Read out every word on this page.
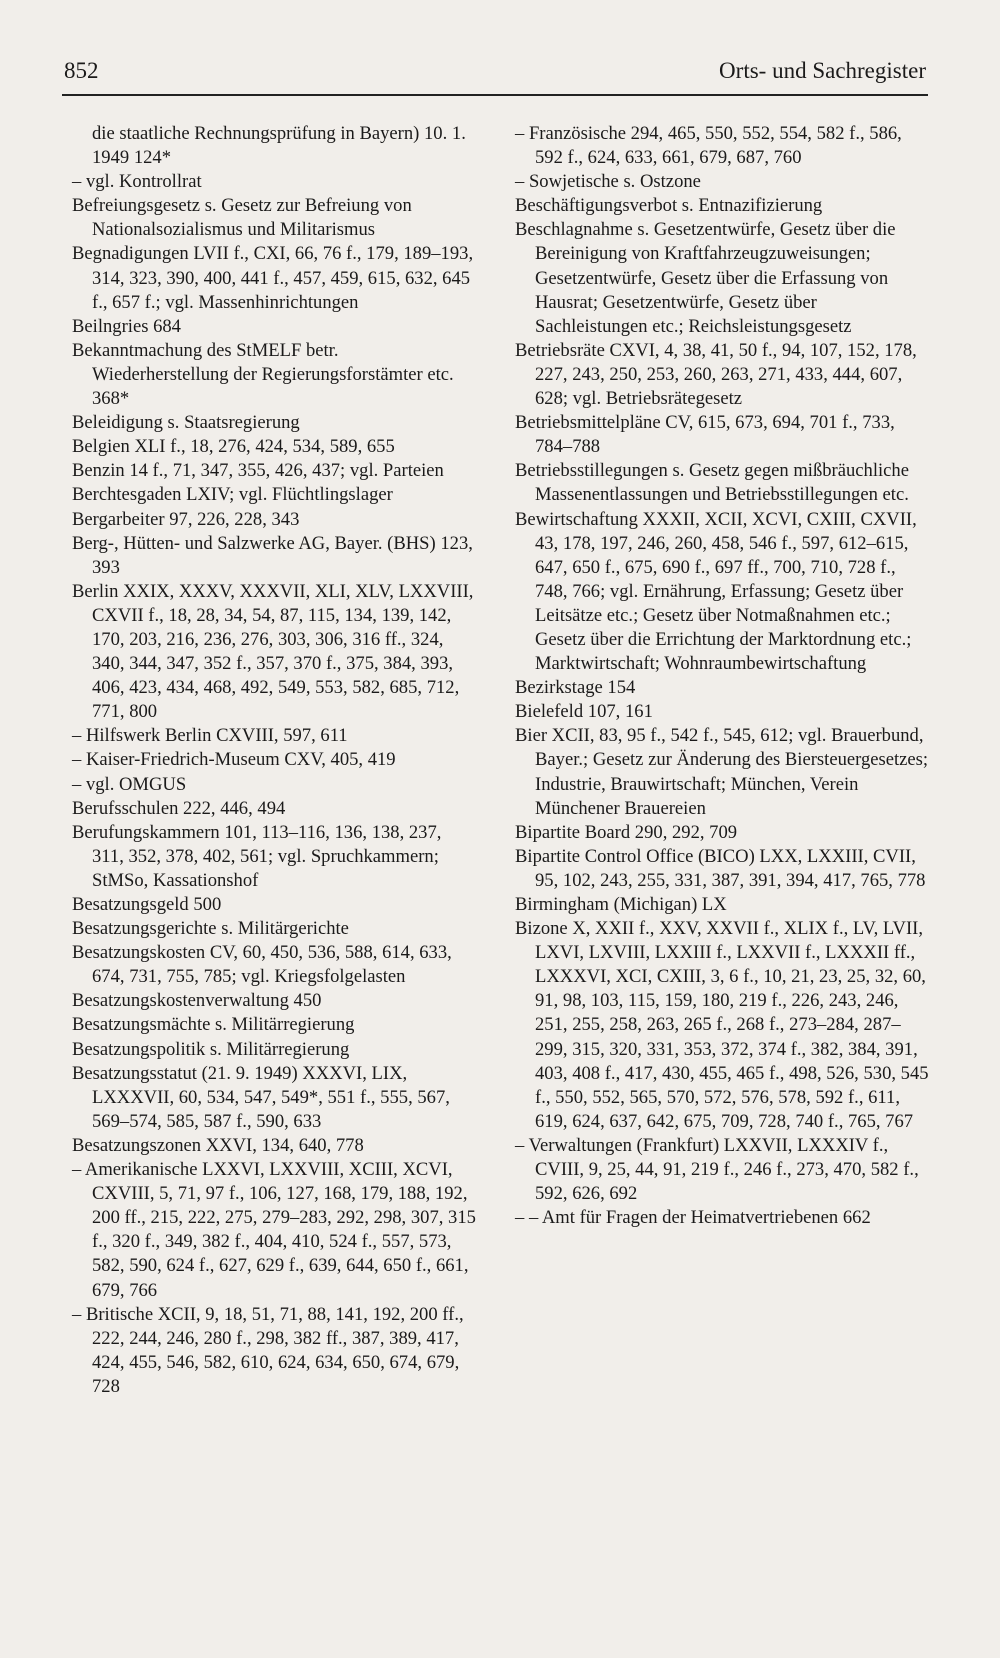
852	Orts- und Sachregister

die staatliche Rechnungsprüfung in Bayern) 10. 1. 1949 124*

– vgl. Kontrollrat

Befreiungsgesetz s. Gesetz zur Befreiung von Nationalsozialismus und Militarismus

Begnadigungen LVII f., CXI, 66, 76 f., 179, 189–193, 314, 323, 390, 400, 441 f., 457, 459, 615, 632, 645 f., 657 f.; vgl. Massenhinrichtungen

Beilngries 684

Bekanntmachung des StMELF betr. Wiederherstellung der Regierungsforstämter etc. 368*

Beleidigung s. Staatsregierung

Belgien XLI f., 18, 276, 424, 534, 589, 655

Benzin 14 f., 71, 347, 355, 426, 437; vgl. Parteien

Berchtesgaden LXIV; vgl. Flüchtlingslager

Bergarbeiter 97, 226, 228, 343

Berg-, Hütten- und Salzwerke AG, Bayer. (BHS) 123, 393

Berlin XXIX, XXXV, XXXVII, XLI, XLV, LXXVIII, CXVII f., 18, 28, 34, 54, 87, 115, 134, 139, 142, 170, 203, 216, 236, 276, 303, 306, 316 ff., 324, 340, 344, 347, 352 f., 357, 370 f., 375, 384, 393, 406, 423, 434, 468, 492, 549, 553, 582, 685, 712, 771, 800

– Hilfswerk Berlin CXVIII, 597, 611

– Kaiser-Friedrich-Museum CXV, 405, 419

– vgl. OMGUS

Berufsschulen 222, 446, 494

Berufungskammern 101, 113–116, 136, 138, 237, 311, 352, 378, 402, 561; vgl. Spruchkammern; StMSo, Kassationshof

Besatzungsgeld 500

Besatzungsgerichte s. Militärgerichte

Besatzungskosten CV, 60, 450, 536, 588, 614, 633, 674, 731, 755, 785; vgl. Kriegsfolgelasten

Besatzungskostenverwaltung 450

Besatzungsmächte s. Militärregierung

Besatzungspolitik s. Militärregierung

Besatzungsstatut (21. 9. 1949) XXXVI, LIX, LXXXVII, 60, 534, 547, 549*, 551 f., 555, 567, 569–574, 585, 587 f., 590, 633

Besatzungszonen XXVI, 134, 640, 778

– Amerikanische LXXVI, LXXVIII, XCIII, XCVI, CXVIII, 5, 71, 97 f., 106, 127, 168, 179, 188, 192, 200 ff., 215, 222, 275, 279–283, 292, 298, 307, 315 f., 320 f., 349, 382 f., 404, 410, 524 f., 557, 573, 582, 590, 624 f., 627, 629 f., 639, 644, 650 f., 661, 679, 766

– Britische XCII, 9, 18, 51, 71, 88, 141, 192, 200 ff., 222, 244, 246, 280 f., 298, 382 ff., 387, 389, 417, 424, 455, 546, 582, 610, 624, 634, 650, 674, 679, 728

– Französische 294, 465, 550, 552, 554, 582 f., 586, 592 f., 624, 633, 661, 679, 687, 760

– Sowjetische s. Ostzone

Beschäftigungsverbot s. Entnazifizierung

Beschlagnahme s. Gesetzentwürfe, Gesetz über die Bereinigung von Kraftfahrzeugzuweisungen; Gesetzentwürfe, Gesetz über die Erfassung von Hausrat; Gesetzentwürfe, Gesetz über Sachleistungen etc.; Reichsleistungsgesetz

Betriebsräte CXVI, 4, 38, 41, 50 f., 94, 107, 152, 178, 227, 243, 250, 253, 260, 263, 271, 433, 444, 607, 628; vgl. Betriebsrätegesetz

Betriebsmittelpläne CV, 615, 673, 694, 701 f., 733, 784–788

Betriebsstillegungen s. Gesetz gegen mißbräuchliche Massenentlassungen und Betriebsstillegungen etc.

Bewirtschaftung XXXII, XCII, XCVI, CXIII, CXVII, 43, 178, 197, 246, 260, 458, 546 f., 597, 612–615, 647, 650 f., 675, 690 f., 697 ff., 700, 710, 728 f., 748, 766; vgl. Ernährung, Erfassung; Gesetz über Leitsätze etc.; Gesetz über Notmaßnahmen etc.; Gesetz über die Errichtung der Marktordnung etc.; Marktwirtschaft; Wohnraumbewirtschaftung

Bezirkstage 154

Bielefeld 107, 161

Bier XCII, 83, 95 f., 542 f., 545, 612; vgl. Brauerbund, Bayer.; Gesetz zur Änderung des Biersteuergesetzes; Industrie, Brauwirtschaft; München, Verein Münchener Brauereien

Bipartite Board 290, 292, 709

Bipartite Control Office (BICO) LXX, LXXIII, CVII, 95, 102, 243, 255, 331, 387, 391, 394, 417, 765, 778

Birmingham (Michigan) LX

Bizone X, XXII f., XXV, XXVII f., XLIX f., LV, LVII, LXVI, LXVIII, LXXIII f., LXXVII f., LXXXII ff., LXXXVI, XCI, CXIII, 3, 6 f., 10, 21, 23, 25, 32, 60, 91, 98, 103, 115, 159, 180, 219 f., 226, 243, 246, 251, 255, 258, 263, 265 f., 268 f., 273–284, 287–299, 315, 320, 331, 353, 372, 374 f., 382, 384, 391, 403, 408 f., 417, 430, 455, 465 f., 498, 526, 530, 545 f., 550, 552, 565, 570, 572, 576, 578, 592 f., 611, 619, 624, 637, 642, 675, 709, 728, 740 f., 765, 767

– Verwaltungen (Frankfurt) LXXVII, LXXXIV f., CVIII, 9, 25, 44, 91, 219 f., 246 f., 273, 470, 582 f., 592, 626, 692

– – Amt für Fragen der Heimatvertriebenen 662
